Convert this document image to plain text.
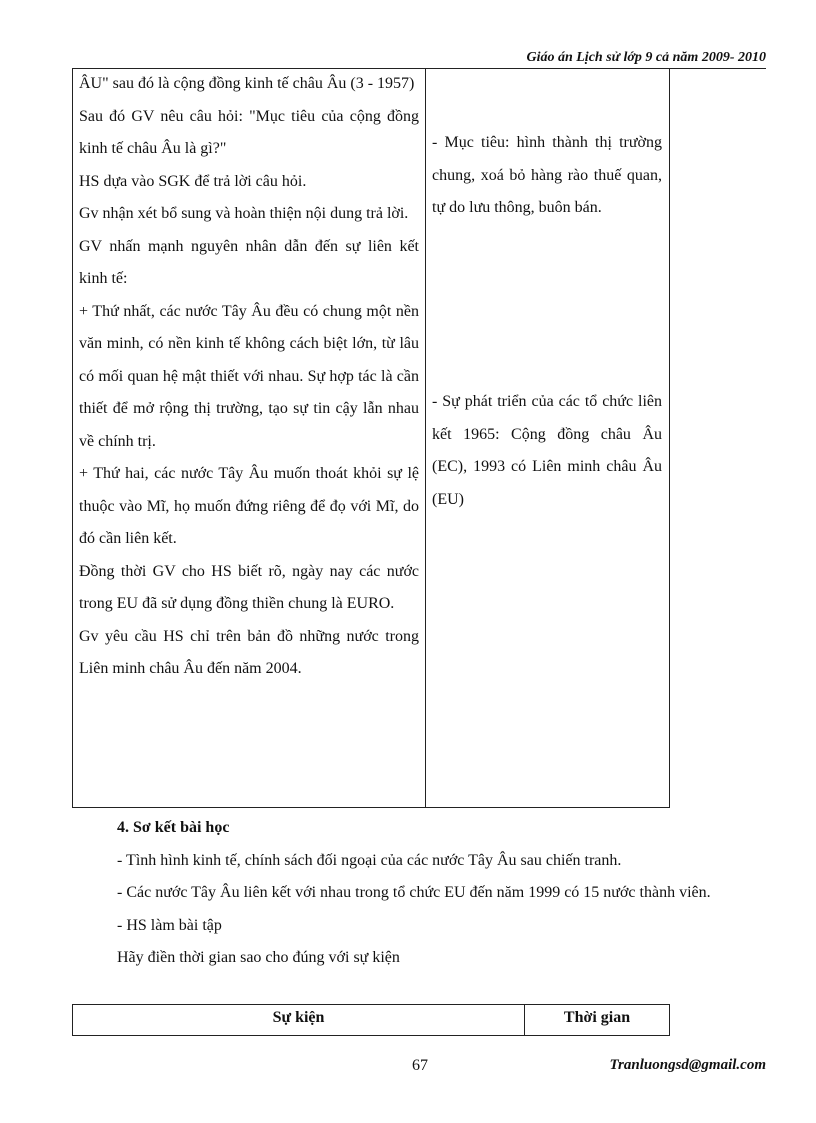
Giáo án Lịch sử lớp 9 cả năm 2009- 2010
ÂU" sau đó là cộng đồng kinh tế châu Âu (3 - 1957)
Sau đó GV nêu câu hỏi: "Mục tiêu của cộng đồng kinh tế châu Âu là gì?"
HS dựa vào SGK để trả lời câu hỏi.
Gv nhận xét bổ sung và hoàn thiện nội dung trả lời.
GV nhấn mạnh nguyên nhân dẫn đến sự liên kết kinh tế:
+ Thứ nhất, các nước Tây Âu đều có chung một nền văn minh, có nền kinh tế không cách biệt lớn, từ lâu có mối quan hệ mật thiết với nhau. Sự hợp tác là cần thiết để mở rộng thị trường, tạo sự tin cậy lẫn nhau về chính trị.
+ Thứ hai, các nước Tây Âu muốn thoát khỏi sự lệ thuộc vào Mĩ, họ muốn đứng riêng để đọ với Mĩ, do đó cần liên kết.
Đồng thời GV cho HS biết rõ, ngày nay các nước trong EU đã sử dụng đồng thiền chung là EURO.
Gv yêu cầu HS chỉ trên bản đồ những nước trong Liên minh châu Âu đến năm 2004.
- Mục tiêu: hình thành thị trường chung, xoá bỏ hàng rào thuế quan, tự do lưu thông, buôn bán.
- Sự phát triển của các tổ chức liên kết 1965: Cộng đồng châu Âu (EC), 1993 có Liên minh châu Âu (EU)
4. Sơ kết bài học
- Tình hình kinh tế, chính sách đối ngoại của các nước Tây Âu sau chiến tranh.
- Các nước Tây Âu liên kết với nhau trong tổ chức EU đến năm 1999 có 15 nước thành viên.
- HS làm bài tập
Hãy điền thời gian sao cho đúng với sự kiện
Sự kiện	Thời gian
67	Tranluongsd@gmail.com
